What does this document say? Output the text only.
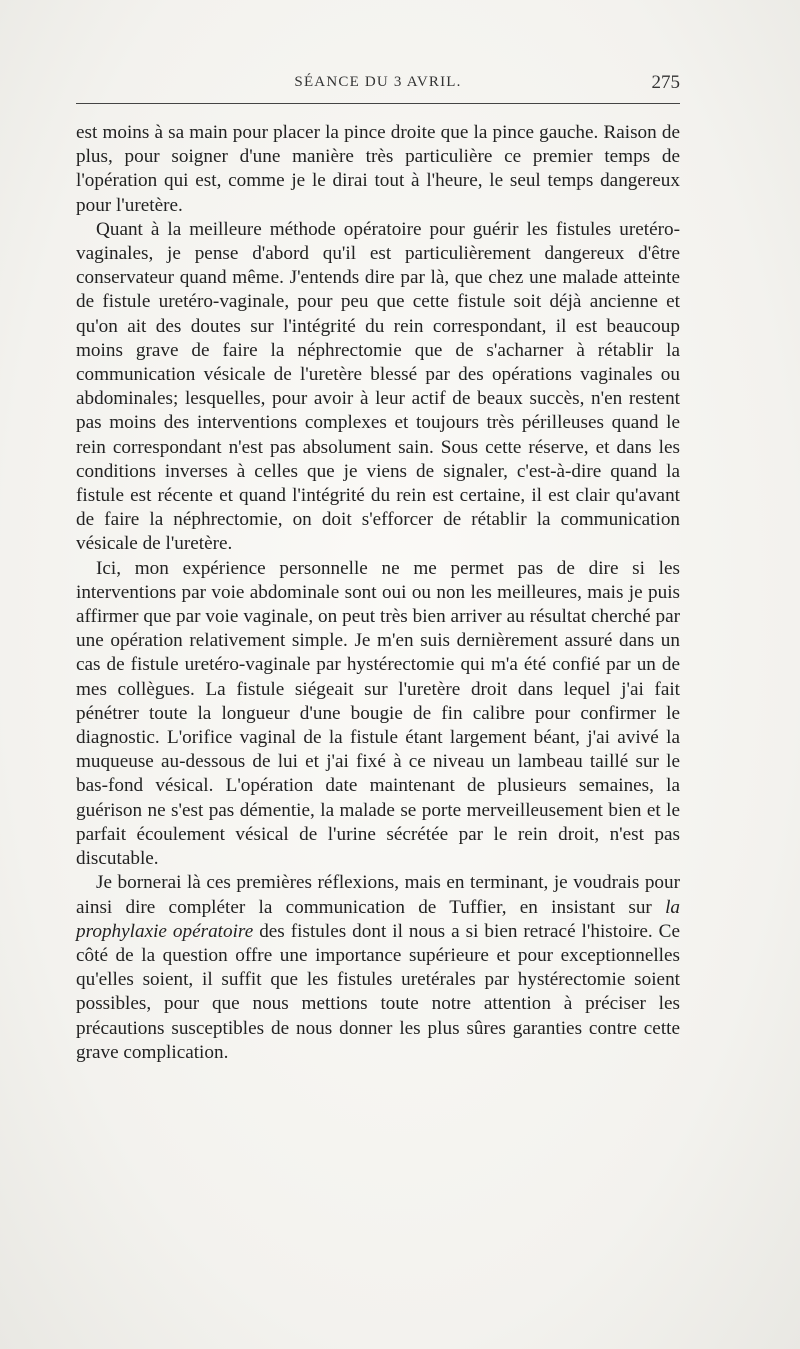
SÉANCE DU 3 AVRIL.	275

est moins à sa main pour placer la pince droite que la pince gauche. Raison de plus, pour soigner d'une manière très particulière ce premier temps de l'opération qui est, comme je le dirai tout à l'heure, le seul temps dangereux pour l'uretère.

Quant à la meilleure méthode opératoire pour guérir les fistules uretéro-vaginales, je pense d'abord qu'il est particulièrement dangereux d'être conservateur quand même. J'entends dire par là, que chez une malade atteinte de fistule uretéro-vaginale, pour peu que cette fistule soit déjà ancienne et qu'on ait des doutes sur l'intégrité du rein correspondant, il est beaucoup moins grave de faire la néphrectomie que de s'acharner à rétablir la communication vésicale de l'uretère blessé par des opérations vaginales ou abdominales; lesquelles, pour avoir à leur actif de beaux succès, n'en restent pas moins des interventions complexes et toujours très périlleuses quand le rein correspondant n'est pas absolument sain. Sous cette réserve, et dans les conditions inverses à celles que je viens de signaler, c'est-à-dire quand la fistule est récente et quand l'intégrité du rein est certaine, il est clair qu'avant de faire la néphrectomie, on doit s'efforcer de rétablir la communication vésicale de l'uretère.

Ici, mon expérience personnelle ne me permet pas de dire si les interventions par voie abdominale sont oui ou non les meilleures, mais je puis affirmer que par voie vaginale, on peut très bien arriver au résultat cherché par une opération relativement simple. Je m'en suis dernièrement assuré dans un cas de fistule uretéro-vaginale par hystérectomie qui m'a été confié par un de mes collègues. La fistule siégeait sur l'uretère droit dans lequel j'ai fait pénétrer toute la longueur d'une bougie de fin calibre pour confirmer le diagnostic. L'orifice vaginal de la fistule étant largement béant, j'ai avivé la muqueuse au-dessous de lui et j'ai fixé à ce niveau un lambeau taillé sur le bas-fond vésical. L'opération date maintenant de plusieurs semaines, la guérison ne s'est pas démentie, la malade se porte merveilleusement bien et le parfait écoulement vésical de l'urine sécrétée par le rein droit, n'est pas discutable.

Je bornerai là ces premières réflexions, mais en terminant, je voudrais pour ainsi dire compléter la communication de Tuffier, en insistant sur la prophylaxie opératoire des fistules dont il nous a si bien retracé l'histoire. Ce côté de la question offre une importance supérieure et pour exceptionnelles qu'elles soient, il suffit que les fistules uretérales par hystérectomie soient possibles, pour que nous mettions toute notre attention à préciser les précautions susceptibles de nous donner les plus sûres garanties contre cette grave complication.
